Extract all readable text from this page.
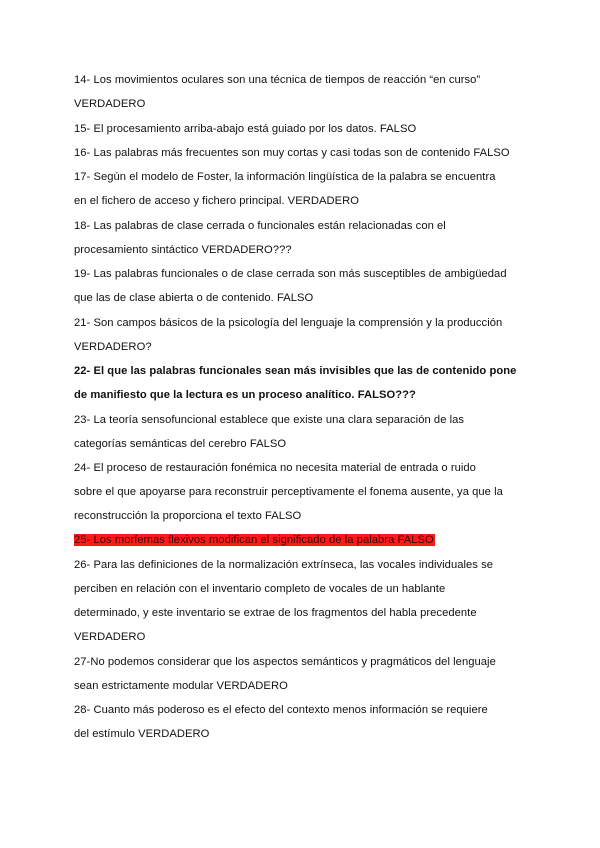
14- Los movimientos oculares son una técnica de tiempos de reacción “en curso”
VERDADERO
15- El procesamiento arriba-abajo está guiado por los datos. FALSO
16- Las palabras más frecuentes son muy cortas y casi todas son de contenido FALSO
17- Según el modelo de Foster, la información lingüística de la palabra se encuentra
en el fichero de acceso y fichero principal. VERDADERO
18- Las palabras de clase cerrada o funcionales están relacionadas con el
procesamiento sintáctico VERDADERO???
19- Las palabras funcionales o de clase cerrada son más susceptibles de ambigüedad
que las de clase abierta o de contenido. FALSO
21- Son campos básicos de la psicología del lenguaje la comprensión y la producción
VERDADERO?
22- El que las palabras funcionales sean más invisibles que las de contenido pone
de manifiesto que la lectura es un proceso analítico. FALSO???
23- La teoría sensofuncional establece que existe una clara separación de las
categorías semánticas del cerebro FALSO
24- El proceso de restauración fonémica no necesita material de entrada o ruido
sobre el que apoyarse para reconstruir perceptivamente el fonema ausente, ya que la
reconstrucción la proporciona el texto FALSO
25- Los morfemas flexivos modifican el significado de la palabra FALSO
26- Para las definiciones de la normalización extrínseca, las vocales individuales se
perciben en relación con el inventario completo de vocales de un hablante
determinado, y este inventario se extrae de los fragmentos del habla precedente
VERDADERO
27-No podemos considerar que los aspectos semánticos y pragmáticos del lenguaje
sean estrictamente modular VERDADERO
28- Cuanto más poderoso es el efecto del contexto menos información se requiere
del estímulo VERDADERO
